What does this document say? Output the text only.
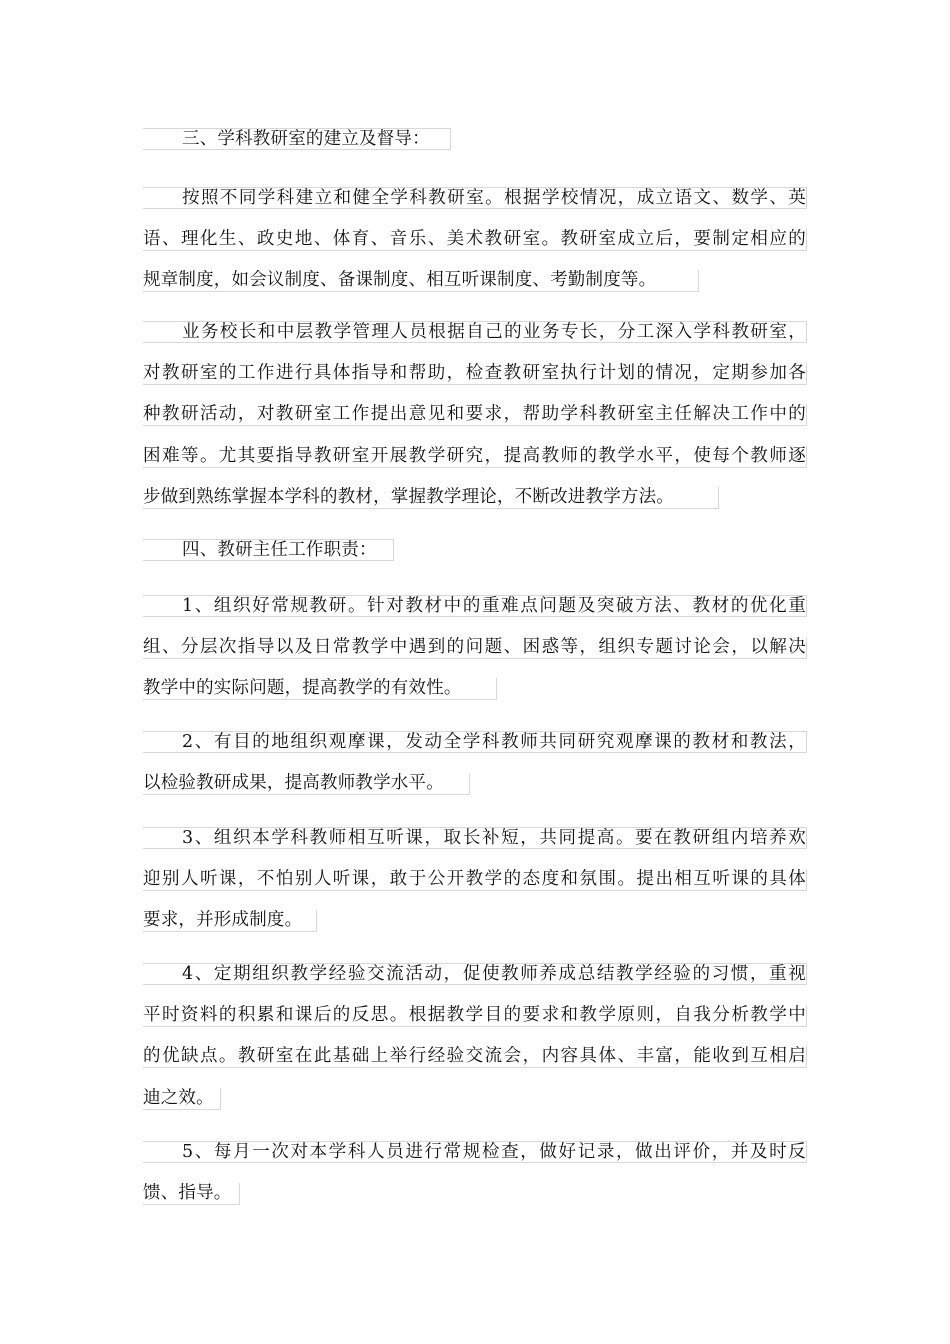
三、学科教研室的建立及督导：
按照不同学科建立和健全学科教研室。根据学校情况，成立语文、数学、英
语、理化生、政史地、体育、音乐、美术教研室。教研室成立后，要制定相应的
规章制度，如会议制度、备课制度、相互听课制度、考勤制度等。
业务校长和中层教学管理人员根据自己的业务专长，分工深入学科教研室，
对教研室的工作进行具体指导和帮助，检查教研室执行计划的情况，定期参加各
种教研活动，对教研室工作提出意见和要求，帮助学科教研室主任解决工作中的
困难等。尤其要指导教研室开展教学研究，提高教师的教学水平，使每个教师逐
步做到熟练掌握本学科的教材，掌握教学理论，不断改进教学方法。
四、教研主任工作职责：
1、组织好常规教研。针对教材中的重难点问题及突破方法、教材的优化重
组、分层次指导以及日常教学中遇到的问题、困惑等，组织专题讨论会，以解决
教学中的实际问题，提高教学的有效性。
2、有目的地组织观摩课，发动全学科教师共同研究观摩课的教材和教法，
以检验教研成果，提高教师教学水平。
3、组织本学科教师相互听课，取长补短，共同提高。要在教研组内培养欢
迎别人听课，不怕别人听课，敢于公开教学的态度和氛围。提出相互听课的具体
要求，并形成制度。
4、定期组织教学经验交流活动，促使教师养成总结教学经验的习惯，重视
平时资料的积累和课后的反思。根据教学目的要求和教学原则，自我分析教学中
的优缺点。教研室在此基础上举行经验交流会，内容具体、丰富，能收到互相启
迪之效。
5、每月一次对本学科人员进行常规检查，做好记录，做出评价，并及时反
馈、指导。
